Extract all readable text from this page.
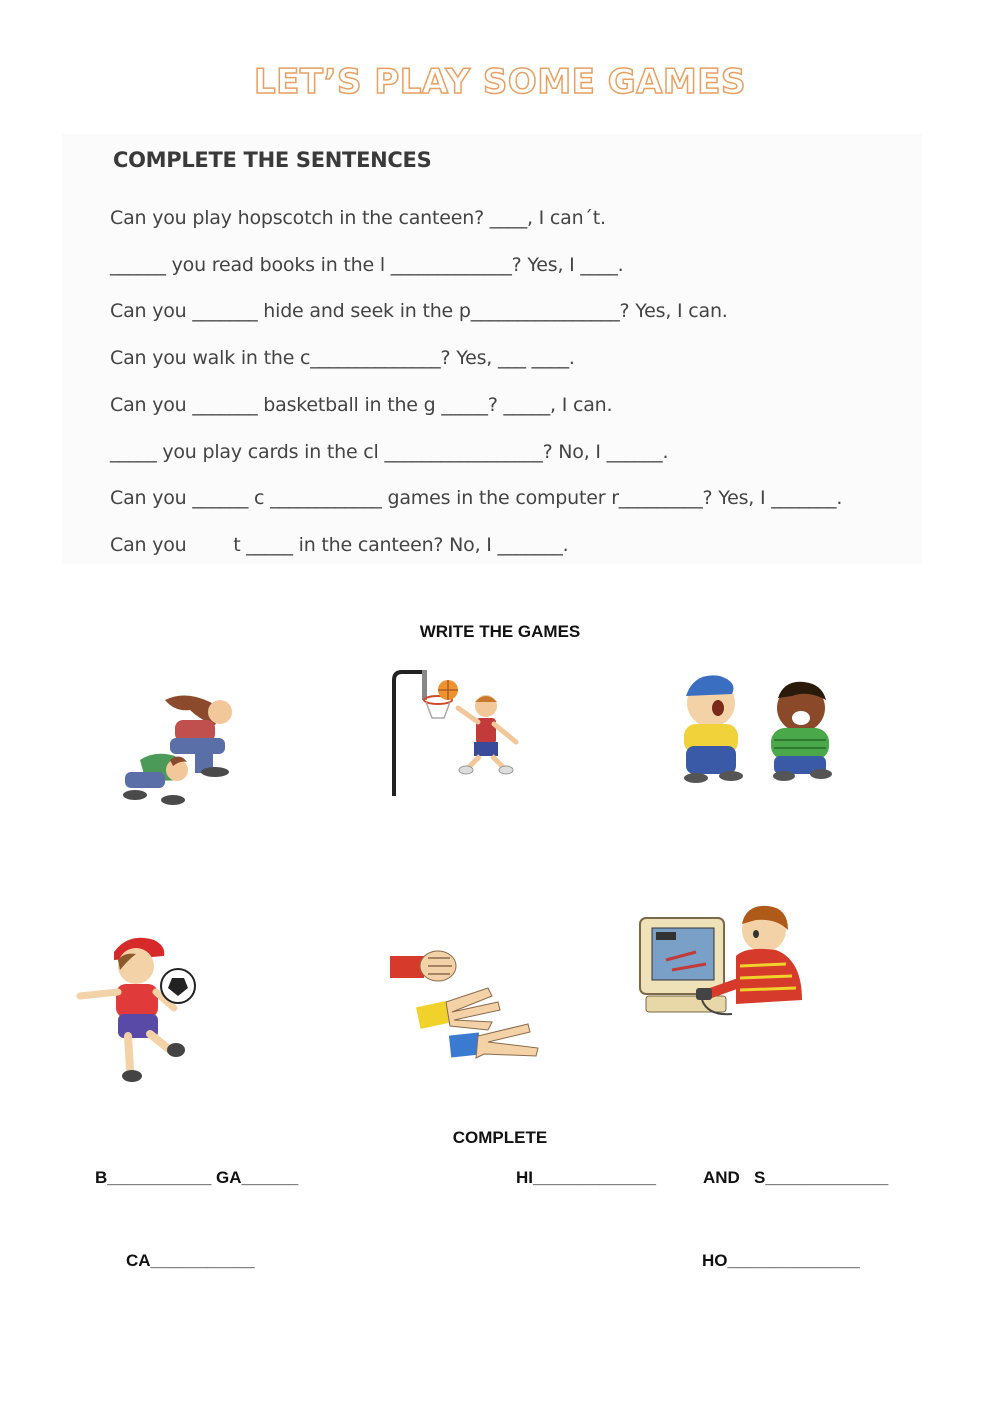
LET’S PLAY SOME GAMES
COMPLETE THE SENTENCES
Can you play hopscotch in the canteen? ____, I can´t.
______ you read books in the l _____________? Yes, I ____.
Can you _______ hide and seek in the p________________? Yes, I can.
Can you walk in the c______________? Yes, ___ ____.
Can you _______ basketball in the g _____? _____, I can.
_____ you play cards in the cl _________________? No, I ______.
Can you ______ c ____________ games in the computer r_________? Yes, I _______.
Can you        t _____ in the canteen? No, I _______.
WRITE THE GAMES
COMPLETE
B___________ GA______	HI_____________	AND   S_____________
CA___________	HO______________
